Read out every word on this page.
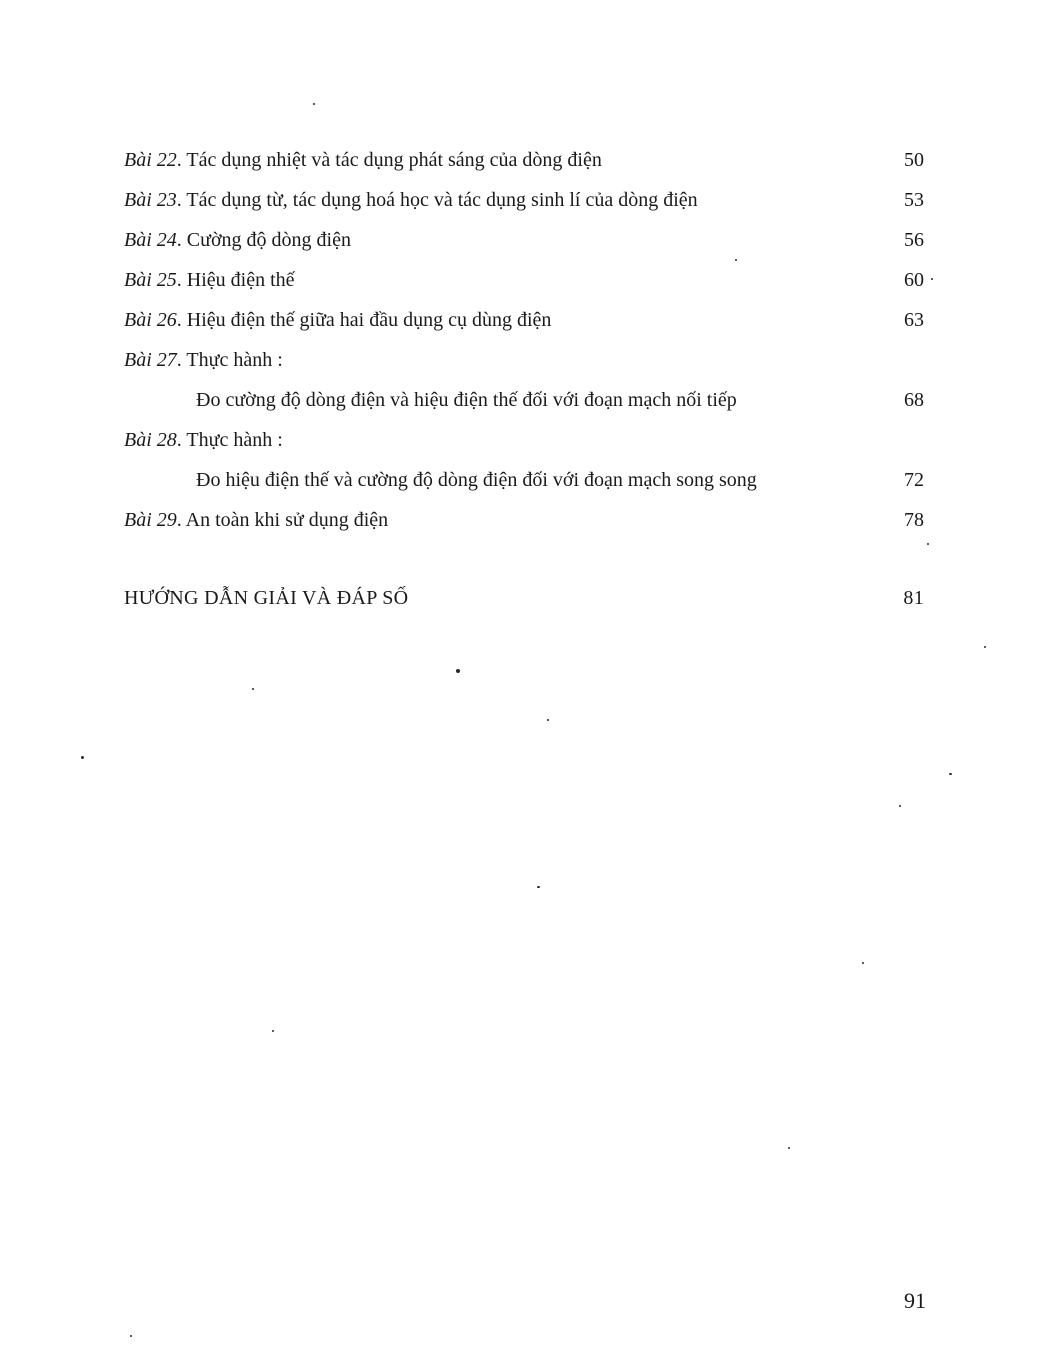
Bài 22. Tác dụng nhiệt và tác dụng phát sáng của dòng điện	50
Bài 23. Tác dụng từ, tác dụng hoá học và tác dụng sinh lí của dòng điện	53
Bài 24. Cường độ dòng điện	56
Bài 25. Hiệu điện thế	60
Bài 26. Hiệu điện thế giữa hai đầu dụng cụ dùng điện	63
Bài 27. Thực hành :
Đo cường độ dòng điện và hiệu điện thế đối với đoạn mạch nối tiếp	68
Bài 28. Thực hành :
Đo hiệu điện thế và cường độ dòng điện đối với đoạn mạch song song	72
Bài 29. An toàn khi sử dụng điện	78
HƯỚNG DẪN GIẢI VÀ ĐÁP SỐ	81
91
